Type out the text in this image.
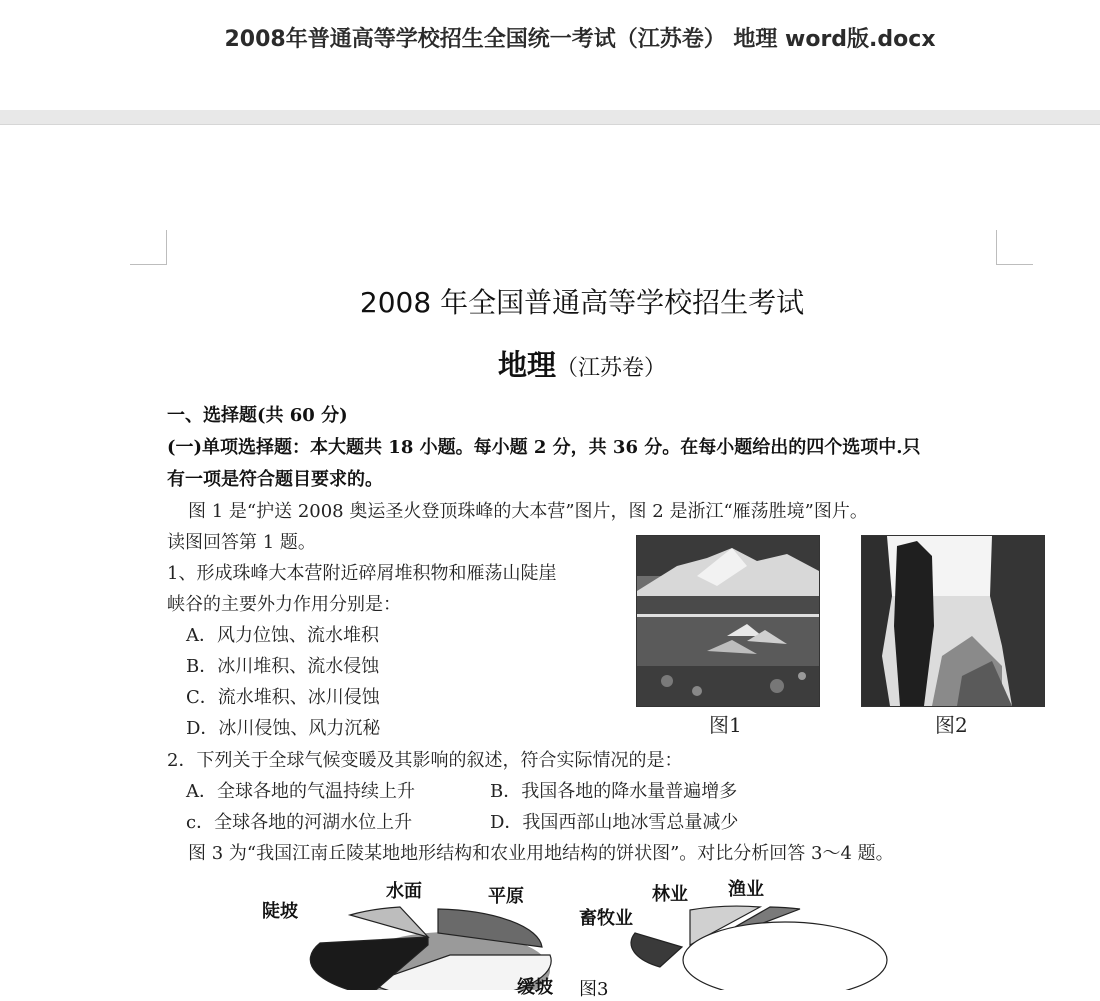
2008年普通高等学校招生全国统一考试（江苏卷） 地理 word版.docx
2008 年全国普通高等学校招生考试
地理（江苏卷）
一、选择题(共 60 分)
(一)单项选择题：本大题共 18 小题。每小题 2 分，共 36 分。在每小题给出的四个选项中.只
有一项是符合题目要求的。
图 1 是“护送 2008 奥运圣火登顶珠峰的大本营”图片，图 2 是浙江“雁荡胜境”图片。
读图回答第 1 题。
1、形成珠峰大本营附近碎屑堆积物和雁荡山陡崖
峡谷的主要外力作用分别是：
A．风力位蚀、流水堆积
B．冰川堆积、流水侵蚀
C．流水堆积、冰川侵蚀
D．冰川侵蚀、风力沉秘	图1	图2
2．下列关于全球气候变暖及其影响的叙述，符合实际情况的是：
A．全球各地的气温持续上升	B．我国各地的降水量普遍增多
c．全球各地的河湖水位上升	D．我国西部山地冰雪总量减少
图 3 为“我国江南丘陵某地地形结构和农业用地结构的饼状图”。对比分析回答 3～4 题。
陡坡
水面	平原
缓坡 图3
畜牧业
林业 渔业
